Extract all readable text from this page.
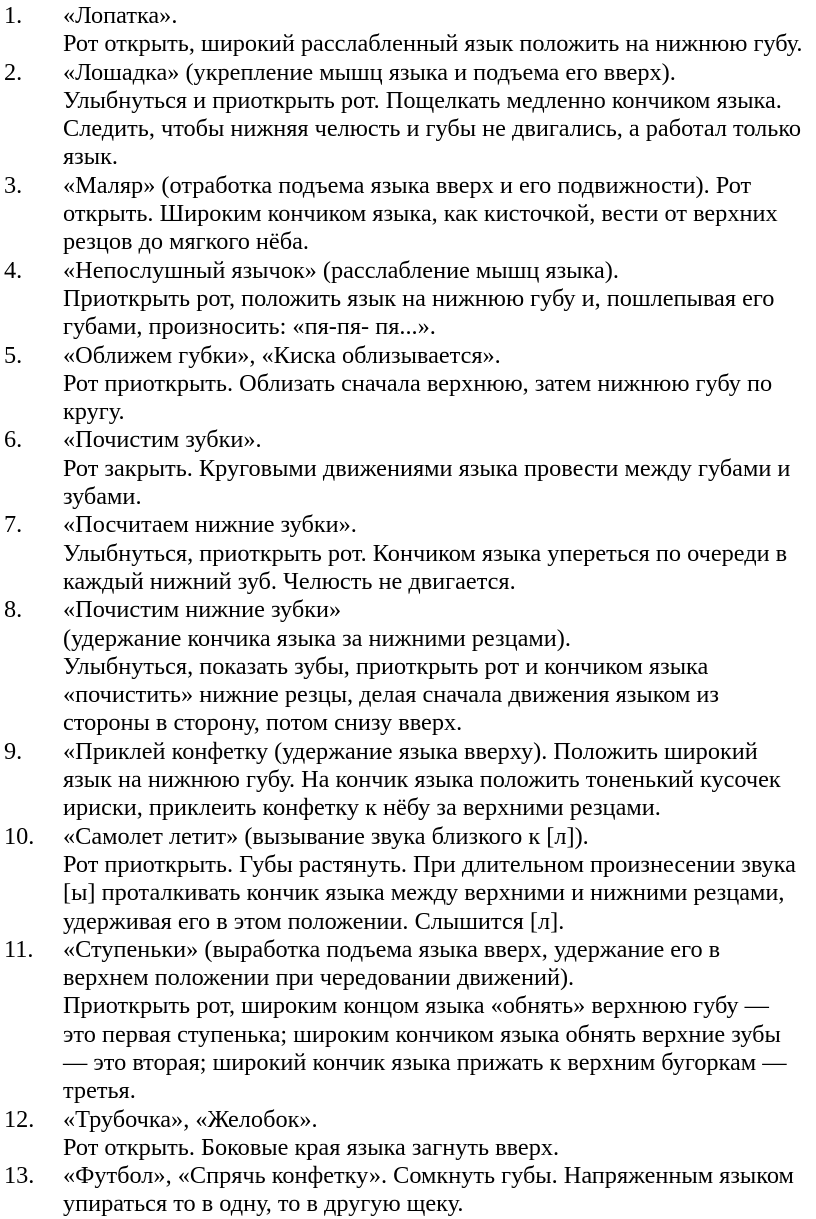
1. «Лопатка».
Рот открыть, широкий расслабленный язык положить на нижнюю губу.
2. «Лошадка» (укрепление мышц языка и подъема его вверх).
Улыбнуться и приоткрыть рот. Пощелкать медленно кончиком языка.
Следить, чтобы нижняя челюсть и губы не двигались, а работал только
язык.
3. «Маляр» (отработка подъема языка вверх и его подвижности). Рот
открыть. Широким кончиком языка, как кисточкой, вести от верхних
резцов до мягкого нёба.
4. «Непослушный язычок» (расслабление мышц языка).
Приоткрыть рот, положить язык на нижнюю губу и, пошлепывая его
губами, произносить: «пя-пя- пя...».
5. «Оближем губки», «Киска облизывается».
Рот приоткрыть. Облизать сначала верхнюю, затем нижнюю губу по
кругу.
6. «Почистим зубки».
Рот закрыть. Круговыми движениями языка провести между губами и
зубами.
7. «Посчитаем нижние зубки».
Улыбнуться, приоткрыть рот. Кончиком языка упереться по очереди в
каждый нижний зуб. Челюсть не двигается.
8. «Почистим нижние зубки»
(удержание кончика языка за нижними резцами).
Улыбнуться, показать зубы, приоткрыть рот и кончиком языка
«почистить» нижние резцы, делая сначала движения языком из
стороны в сторону, потом снизу вверх.
9. «Приклей конфетку (удержание языка вверху). Положить широкий
язык на нижнюю губу. На кончик языка положить тоненький кусочек
ириски, приклеить конфетку к нёбу за верхними резцами.
10. «Самолет летит» (вызывание звука близкого к [л]).
Рот приоткрыть. Губы растянуть. При длительном произнесении звука
[ы] проталкивать кончик языка между верхними и нижними резцами,
удерживая его в этом положении. Слышится [л].
11. «Ступеньки» (выработка подъема языка вверх, удержание его в
верхнем положении при чередовании движений).
Приоткрыть рот, широким концом языка «обнять» верхнюю губу —
это первая ступенька; широким кончиком языка обнять верхние зубы
— это вторая; широкий кончик языка прижать к верхним бугоркам —
третья.
12. «Трубочка», «Желобок».
Рот открыть. Боковые края языка загнуть вверх.
13. «Футбол», «Спрячь конфетку». Сомкнуть губы. Напряженным языком
упираться то в одну, то в другую щеку.
